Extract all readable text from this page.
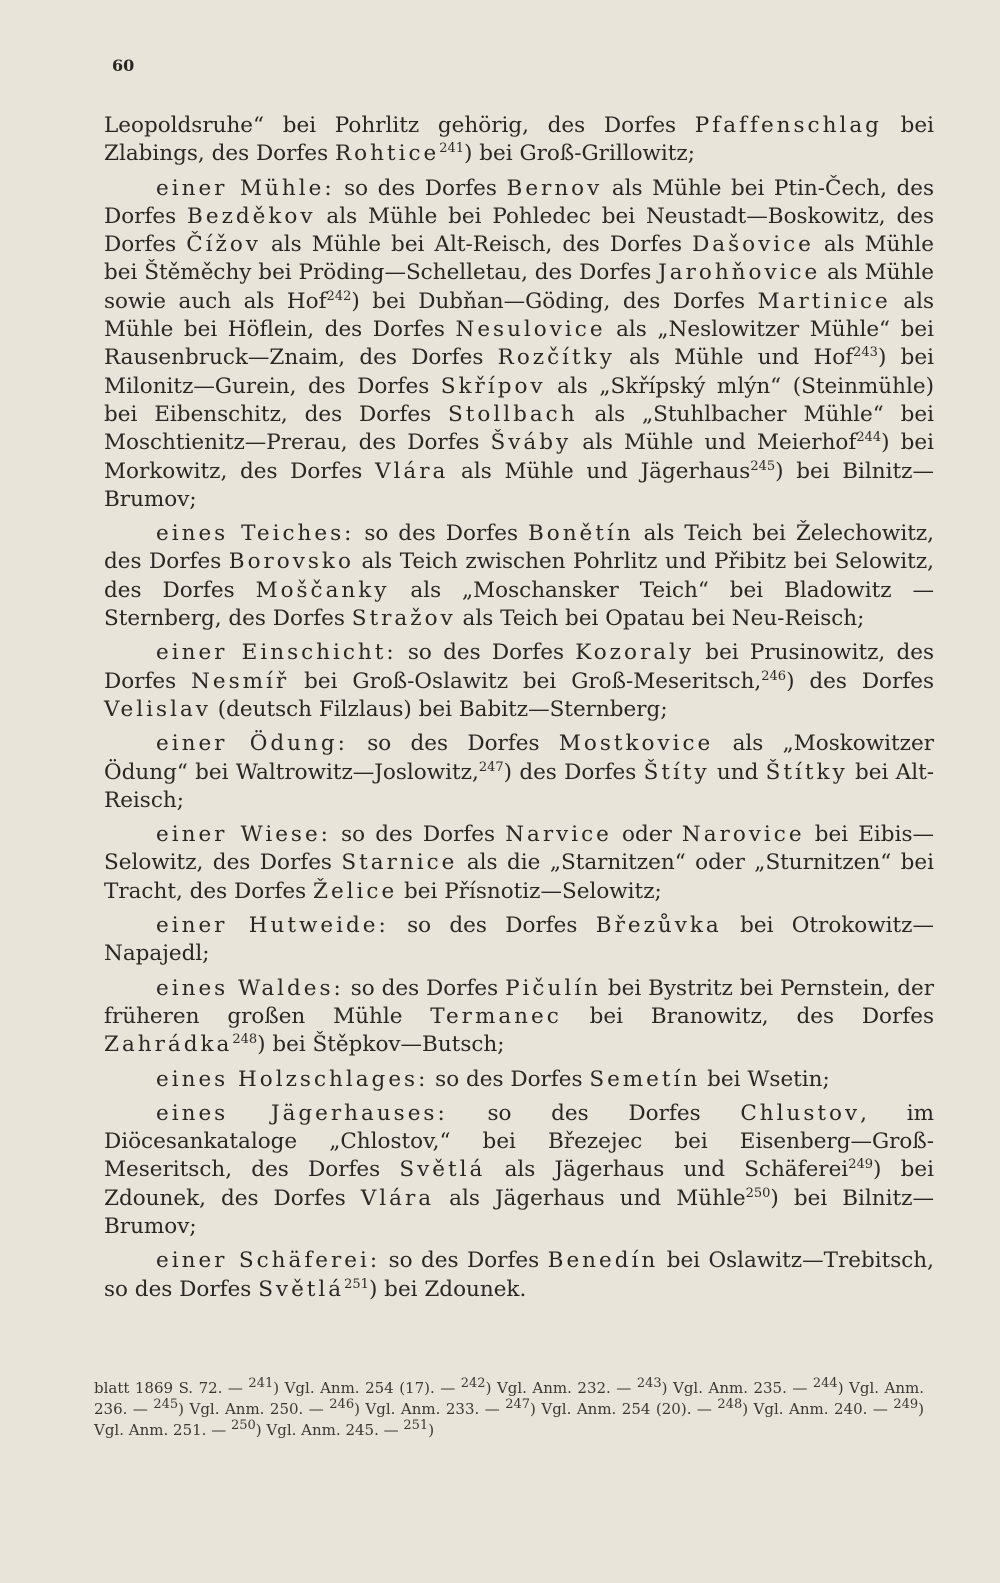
60

Leopoldsruhe“ bei Pohrlitz gehörig, des Dorfes Pfaffenschlag bei Zlabings, des Dorfes Rohtice$^{241}$) bei Groß-Grillowitz;

einer Mühle: so des Dorfes Bernov als Mühle bei Ptin-Čech, des Dorfes Bezděkov als Mühle bei Pohledec bei Neustadt—Boskowitz, des Dorfes Čížov als Mühle bei Alt-Reisch, des Dorfes Dašovice als Mühle bei Štěměchy bei Pröding—Schelletau, des Dorfes Jarohňovice als Mühle sowie auch als Hof$^{242}$) bei Dubňan—Göding, des Dorfes Martinice als Mühle bei Höflein, des Dorfes Nesulovice als „Neslowitzer Mühle“ bei Rausenbruck—Znaim, des Dorfes Rozčítky als Mühle und Hof$^{243}$) bei Milonitz—Gurein, des Dorfes Skřípov als „Skřípský mlýn“ (Steinmühle) bei Eibenschitz, des Dorfes Stollbach als „Stuhlbacher Mühle“ bei Moschtienitz—Prerau, des Dorfes Šváby als Mühle und Meierhof$^{244}$) bei Morkowitz, des Dorfes Vlára als Mühle und Jägerhaus$^{245}$) bei Bilnitz—Brumov;

eines Teiches: so des Dorfes Bonětín als Teich bei Želechowitz, des Dorfes Borovsko als Teich zwischen Pohrlitz und Přibitz bei Selowitz, des Dorfes Moščanky als „Moschansker Teich“ bei Bladowitz —Sternberg, des Dorfes Stražov als Teich bei Opatau bei Neu-Reisch;

einer Einschicht: so des Dorfes Kozoraly bei Prusinowitz, des Dorfes Nesmíř bei Groß-Oslawitz bei Groß-Meseritsch,$^{246}$) des Dorfes Velislav (deutsch Filzlaus) bei Babitz—Sternberg;

einer Ödung: so des Dorfes Mostkovice als „Moskowitzer Ödung“ bei Waltrowitz—Joslowitz,$^{247}$) des Dorfes Štíty und Štítky bei Alt-Reisch;

einer Wiese: so des Dorfes Narvice oder Narovice bei Eibis—Selowitz, des Dorfes Starnice als die „Starnitzen“ oder „Sturnitzen“ bei Tracht, des Dorfes Želice bei Přísnotiz—Selowitz;

einer Hutweide: so des Dorfes Březůvka bei Otrokowitz—Napajedl;

eines Waldes: so des Dorfes Pičulín bei Bystritz bei Pernstein, der früheren großen Mühle Termanec bei Branowitz, des Dorfes Zahrádka$^{248}$) bei Štěpkov—Butsch;

eines Holzschlages: so des Dorfes Semetín bei Wsetin;

eines Jägerhauses: so des Dorfes Chlustov, im Diöcesankataloge „Chlostov,“ bei Březejec bei Eisenberg—Groß-Meseritsch, des Dorfes Světlá als Jägerhaus und Schäferei$^{249}$) bei Zdounek, des Dorfes Vlára als Jägerhaus und Mühle$^{250}$) bei Bilnitz—Brumov;

einer Schäferei: so des Dorfes Benedín bei Oslawitz—Trebitsch, so des Dorfes Světlá$^{251}$) bei Zdounek.

blatt 1869 S. 72. — $^{241}$) Vgl. Anm. 254 (17). — $^{242}$) Vgl. Anm. 232. — $^{243}$) Vgl. Anm. 235. — $^{244}$) Vgl. Anm. 236. — $^{245}$) Vgl. Anm. 250. — $^{246}$) Vgl. Anm. 233. — $^{247}$) Vgl. Anm. 254 (20). — $^{248}$) Vgl. Anm. 240. — $^{249}$) Vgl. Anm. 251. — $^{250}$) Vgl. Anm. 245. — $^{251}$)
